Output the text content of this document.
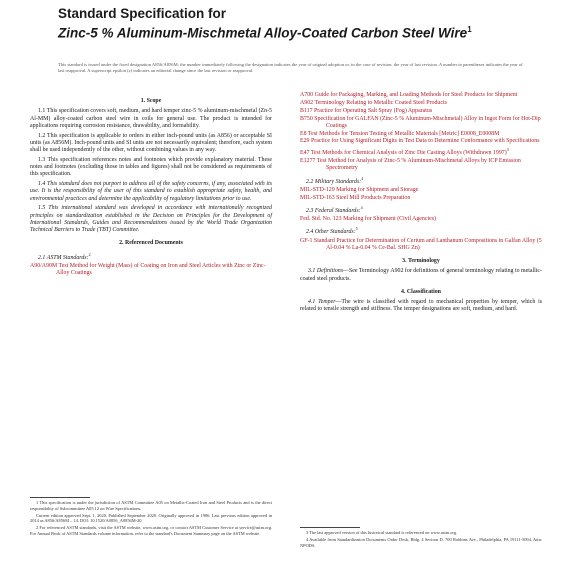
Standard Specification for
Zinc-5 % Aluminum-Mischmetal Alloy-Coated Carbon Steel Wire$^1$
This standard is issued under the fixed designation A856/A856M; the number immediately following the designation indicates the year of original adoption or, in the case of revision, the year of last revision. A number in parentheses indicates the year of last reapproval. A superscript epsilon (ε) indicates an editorial change since the last revision or reapproval.
1. Scope

1.1 This specification covers soft, medium, and hard temper zinc-5 % aluminum-mischmetal (Zn-5 Al-MM) alloy-coated carbon steel wire in coils for general use. The product is intended for applications requiring corrosion resistance, drawability, and formability.

1.2 This specification is applicable to orders in either inch-pound units (as A856) or acceptable SI units (as A856M). Inch-pound units and SI units are not necessarily equivalent; therefore, each system shall be used independently of the other, without combining values in any way.

1.3 This specification references notes and footnotes which provide explanatory material. These notes and footnotes (excluding those in tables and figures) shall not be considered as requirements of this specification.

1.4 This standard does not purport to address all of the safety concerns, if any, associated with its use. It is the responsibility of the user of this standard to establish appropriate safety, health, and environmental practices and determine the applicability of regulatory limitations prior to use.

1.5 This international standard was developed in accordance with internationally recognized principles on standardization established in the Decision on Principles for the Development of International Standards, Guides and Recommendations issued by the World Trade Organization Technical Barriers to Trade (TBT) Committee.

2. Referenced Documents
2.1 ASTM Standards:$^2$
A90/A90M Test Method for Weight (Mass) of Coating on Iron and Steel Articles with Zinc or Zinc-Alloy Coatings
A700 Guide for Packaging, Marking, and Loading Methods for Steel Products for Shipment
A902 Terminology Relating to Metallic Coated Steel Products
B117 Practice for Operating Salt Spray (Fog) Apparatus
B750 Specification for GALFAN (Zinc-5 % Aluminum-Mischmetal) Alloy in Ingot Form for Hot-Dip Coatings
E8 Test Methods for Tension Testing of Metallic Materials [Metric] E0008_E0008M
E29 Practice for Using Significant Digits in Test Data to Determine Conformance with Specifications
E47 Test Methods for Chemical Analysis of Zinc Die Casting Alloys (Withdrawn 1997)$^3$
E1277 Test Method for Analysis of Zinc-5 % Aluminum-Mischmetal Alloys by ICP Emission Spectrometry
2.2 Military Standards:$^4$
MIL-STD-129 Marking for Shipment and Storage
MIL-STD-163 Steel Mill Products Preparation
2.3 Federal Standards:$^4$
Fed. Std. No. 123 Marking for Shipment (Civil Agencies)
2.4 Other Standards:$^5$
GF-1 Standard Practice for Determination of Cerium and Lanthanum Compositions in Galfan Alloy (5 Al-0.04 % La-0.04 % Ce-Bal. SHG Zn)
3. Terminology

3.1 Definitions—See Terminology A902 for definitions of general terminology relating to metallic-coated steel products.

4. Classification

4.1 Temper—The wire is classified with regard to mechanical properties by temper, which is related to tensile strength and stiffness. The temper designations are soft, medium, and hard.

1 This specification is under the jurisdiction of ASTM Committee A05 on Metallic-Coated Iron and Steel Products and is the direct responsibility of Subcommittee A05.12 on Wire Specifications.

Current edition approved Sept. 1, 2020. Published September 2020. Originally approved in 1986. Last previous edition approved in 2014 as A856/A856M – 14. DOI: 10.1520/A0856_A0856M-20.

2 For referenced ASTM standards, visit the ASTM website, www.astm.org, or contact ASTM Customer Service at service@astm.org. For Annual Book of ASTM Standards volume information, refer to the standard's Document Summary page on the ASTM website.	3 The last approved version of this historical standard is referenced on www.astm.org.

4 Available from Standardization Documents Order Desk, Bldg. 4 Section D, 700 Robbins Ave., Philadelphia, PA 19111-5094, Attn: NPODS.
